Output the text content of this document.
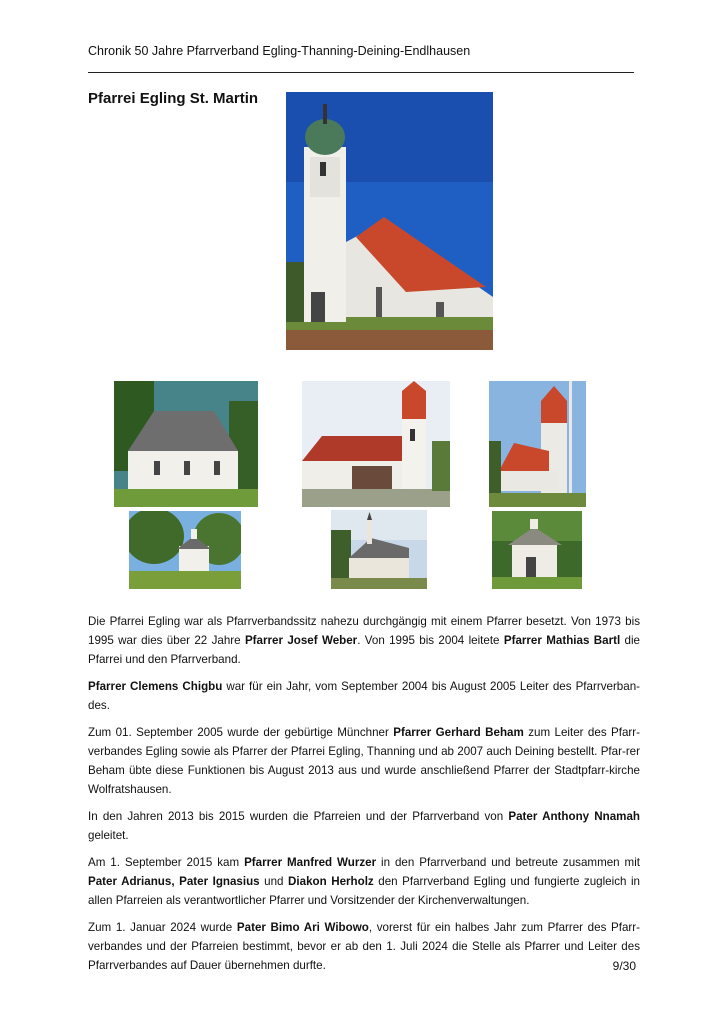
Chronik 50 Jahre Pfarrverband Egling-Thanning-Deining-Endlhausen
Pfarrei Egling St. Martin

Die Pfarrei Egling war als Pfarrverbandssitz nahezu durchgängig mit einem Pfarrer besetzt. Von 1973 bis 1995 war dies über 22 Jahre Pfarrer Josef Weber. Von 1995 bis 2004 leitete Pfarrer Mathias Bartl die Pfarrei und den Pfarrverband.

Pfarrer Clemens Chigbu war für ein Jahr, vom September 2004 bis August 2005 Leiter des Pfarrverban-des.

Zum 01. September 2005 wurde der gebürtige Münchner Pfarrer Gerhard Beham zum Leiter des Pfarr-verbandes Egling sowie als Pfarrer der Pfarrei Egling, Thanning und ab 2007 auch Deining bestellt. Pfar-rer Beham übte diese Funktionen bis August 2013 aus und wurde anschließend Pfarrer der Stadtpfarr-kirche Wolfratshausen.

In den Jahren 2013 bis 2015 wurden die Pfarreien und der Pfarrverband von Pater Anthony Nnamah geleitet.

Am 1. September 2015 kam Pfarrer Manfred Wurzer in den Pfarrverband und betreute zusammen mit Pater Adrianus, Pater Ignasius und Diakon Herholz den Pfarrverband Egling und fungierte zugleich in allen Pfarreien als verantwortlicher Pfarrer und Vorsitzender der Kirchenverwaltungen.

Zum 1. Januar 2024 wurde Pater Bimo Ari Wibowo, vorerst für ein halbes Jahr zum Pfarrer des Pfarr-verbandes und der Pfarreien bestimmt, bevor er ab den 1. Juli 2024 die Stelle als Pfarrer und Leiter des Pfarrverbandes auf Dauer übernehmen durfte.	9/30
